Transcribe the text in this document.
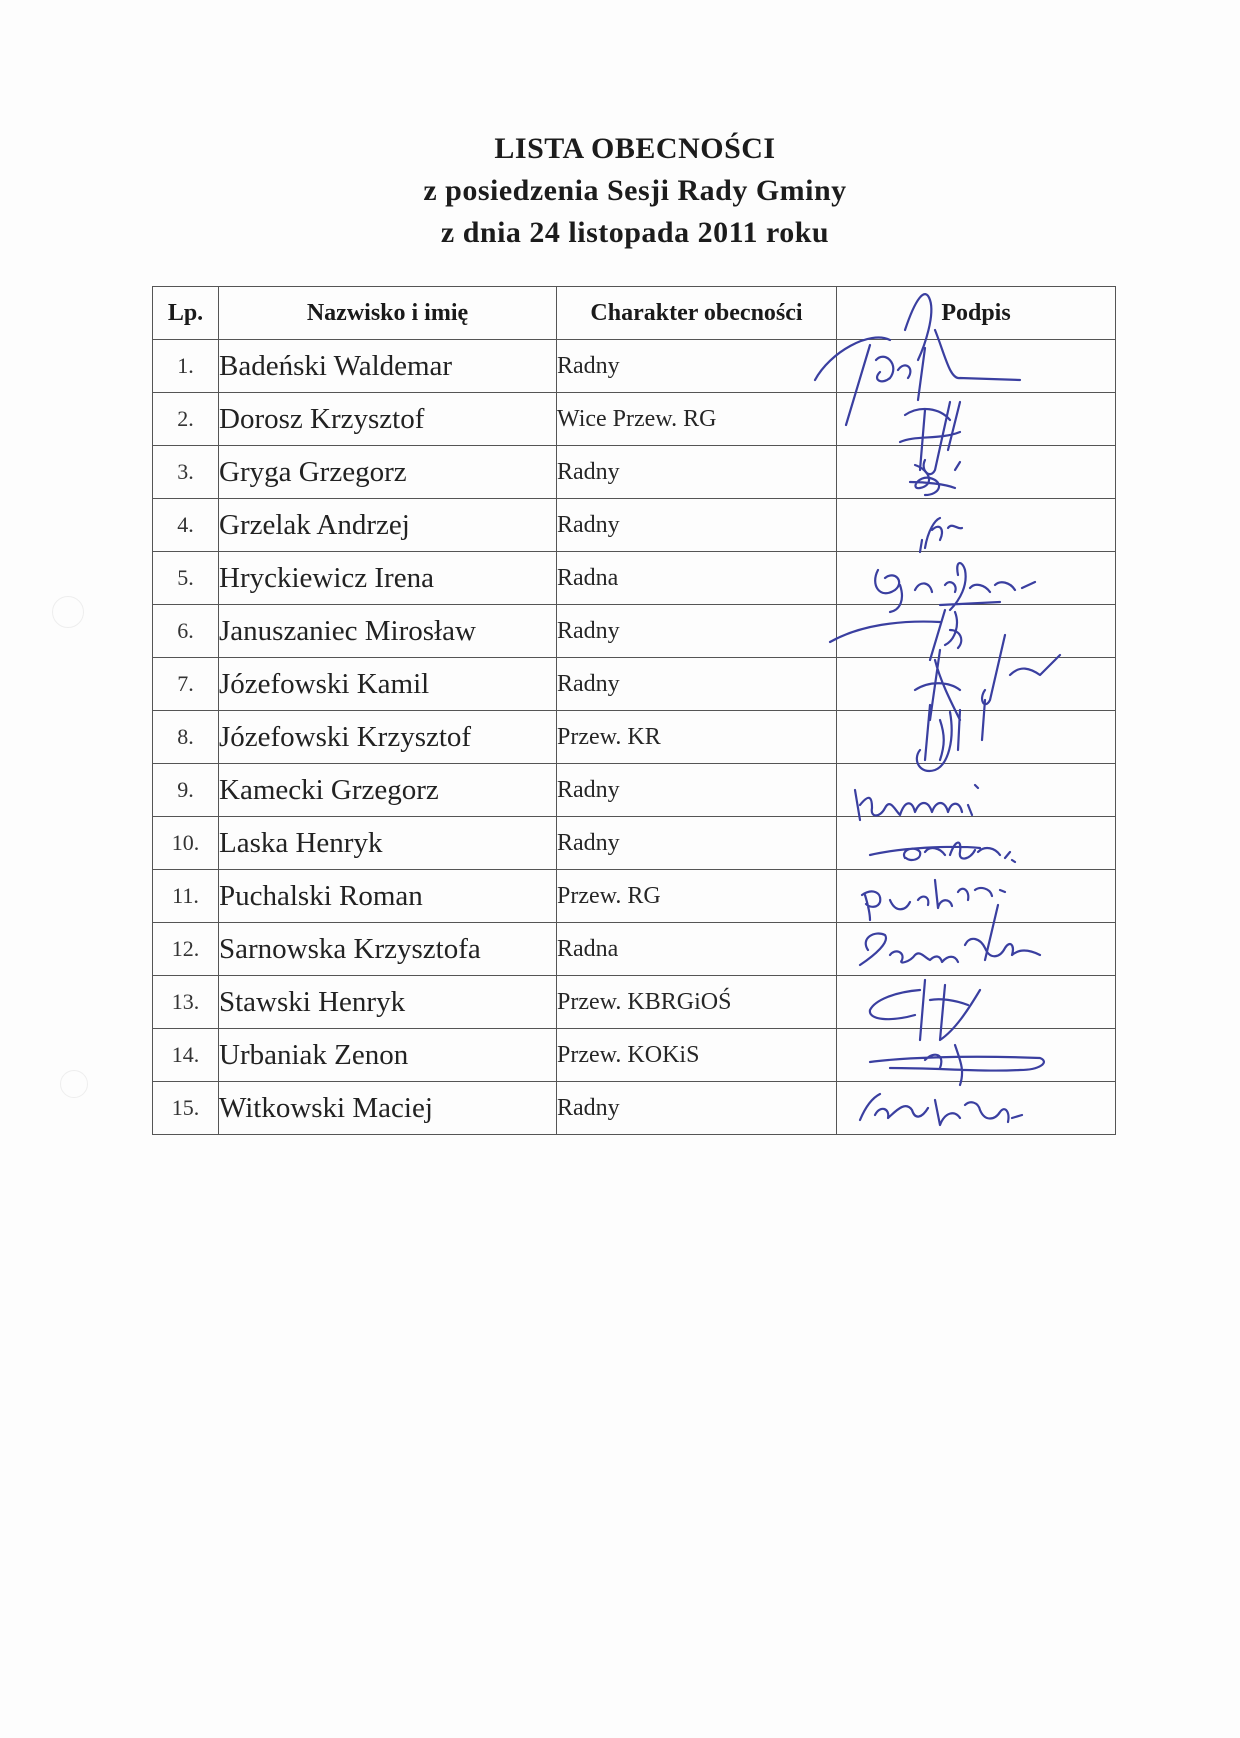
LISTA OBECNOŚCI
z posiedzenia Sesji Rady Gminy
z dnia 24 listopada 2011 roku
Lp.	Nazwisko i imię	Charakter obecności	Podpis
1.	Badeński Waldemar	Radny	
2.	Dorosz Krzysztof	Wice Przew. RG	
3.	Gryga Grzegorz	Radny	
4.	Grzelak Andrzej	Radny	
5.	Hryckiewicz Irena	Radna	
6.	Januszaniec Mirosław	Radny	
7.	Józefowski Kamil	Radny	
8.	Józefowski Krzysztof	Przew. KR	
9.	Kamecki Grzegorz	Radny	
10.	Laska Henryk	Radny	
11.	Puchalski Roman	Przew. RG	
12.	Sarnowska Krzysztofa	Radna	
13.	Stawski Henryk	Przew. KBRGiOŚ	
14.	Urbaniak Zenon	Przew. KOKiS	
15.	Witkowski Maciej	Radny	
